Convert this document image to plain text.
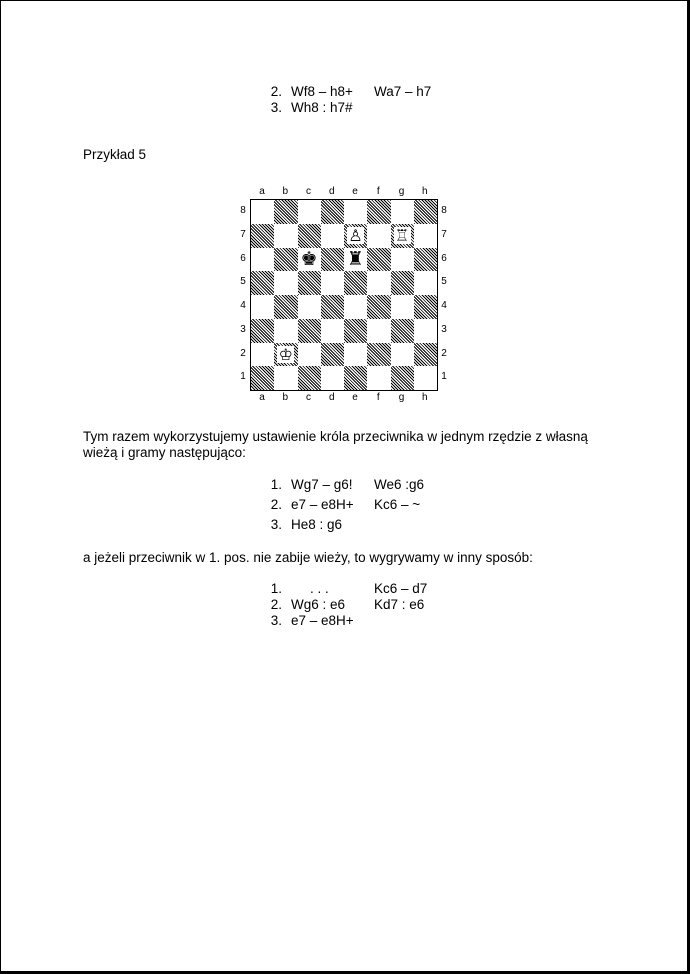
2. Wf8 – h8+ Wa7 – h7
3. Wh8 : h7#
Przykład 5
♙ ♖
♚ ♜
♔
a
a
b
b
c
c
d
d
e
e
f
f
g
g
h
h
8	8
7	7
6	6
5	5
4	4
3	3
2	2
1	1
Tym razem wykorzystujemy ustawienie króla przeciwnika w jednym rzędzie z własną
wieżą i gramy następująco:
1. Wg7 – g6! We6 :g6
2. e7 – e8H+ Kc6 – ~
3. He8 : g6
a jeżeli przeciwnik w 1. pos. nie zabije wieży, to wygrywamy w inny sposób:
1. . . .	Kc6 – d7
2. Wg6 : e6 Kd7 : e6
3. e7 – e8H+
